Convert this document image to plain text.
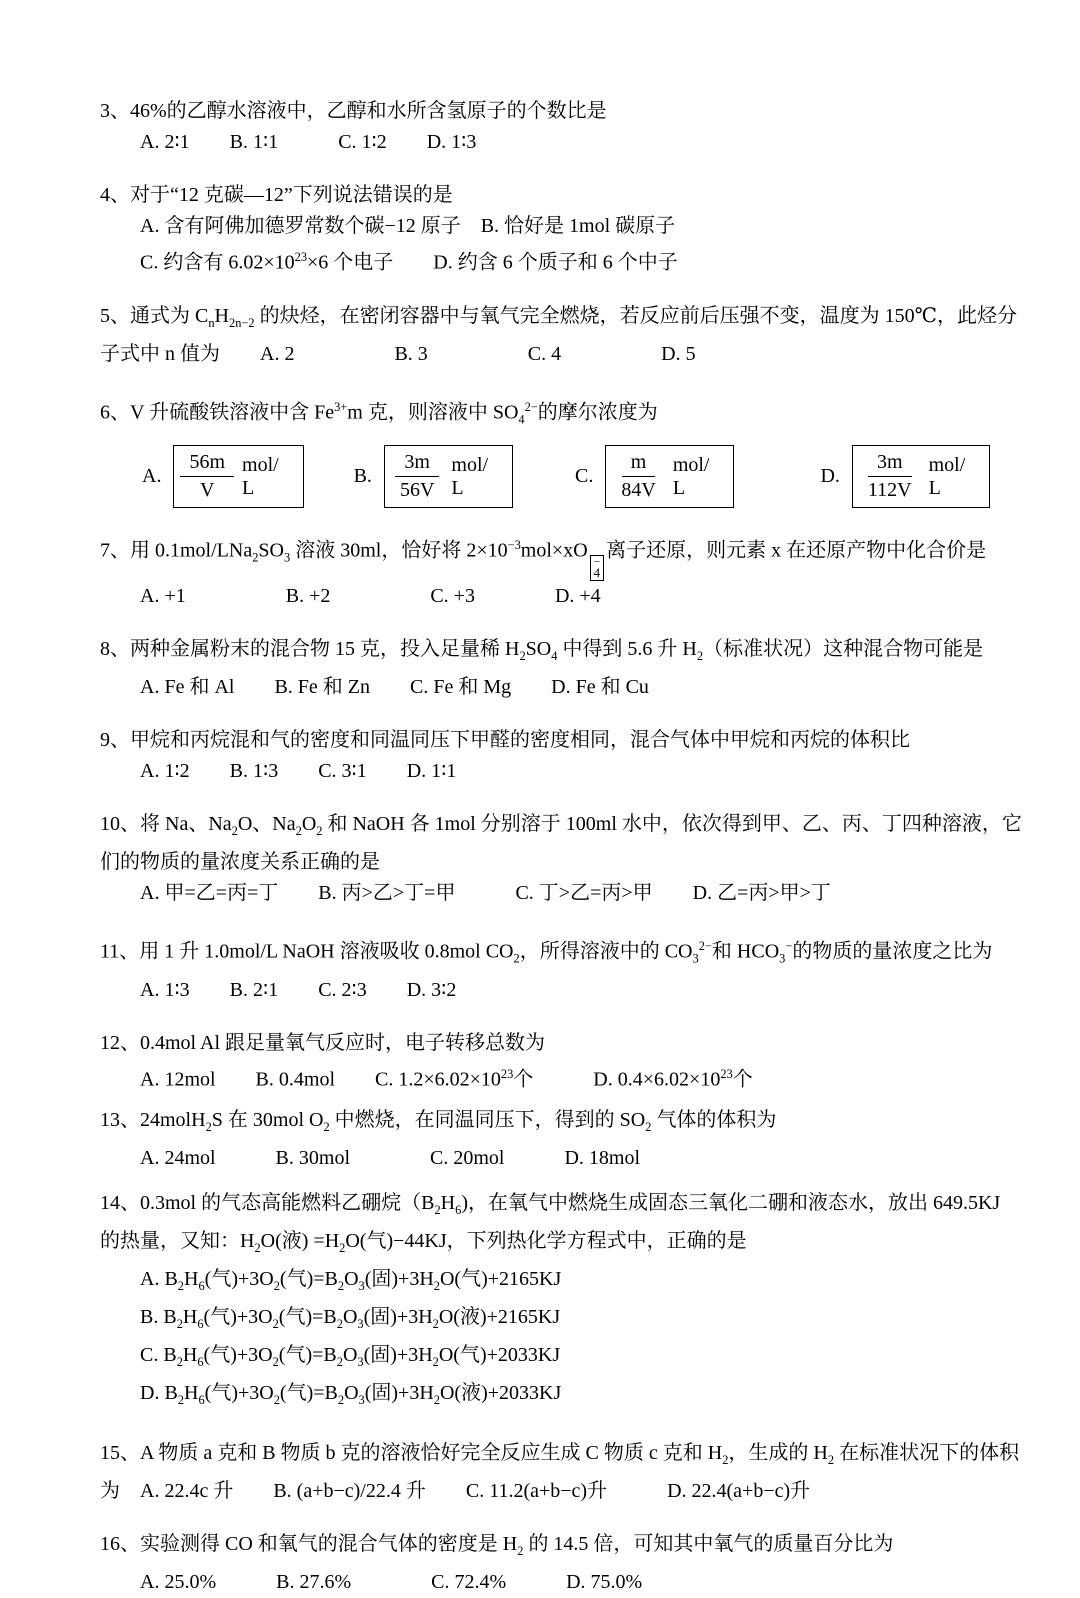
3、46%的乙醇水溶液中，乙醇和水所含氢原子的个数比是
A. 2∶1  B. 1∶1   C. 1∶2  D. 1∶3
4、对于“12 克碳—12”下列说法错误的是
A. 含有阿佛加德罗常数个碳−12 原子 B. 恰好是 1mol 碳原子
C. 约含有 $6.02\times 10^{23}\times 6$ 个电子  D. 约含 6 个质子和 6 个中子
5、通式为 $C_nH_{2n-2}$ 的炔烃，在密闭容器中与氧气完全燃烧，若反应前后压强不变，温度为 150℃，此烃分
子式中 n 值为  A. 2     B. 3     C. 4     D. 5
6、V 升硫酸铁溶液中含 $Fe^{3+}m$ 克，则溶液中 $SO_4^{2-}$的摩尔浓度为
A. $\frac{56m}{V} mol/$ L
B. $\frac{3m}{56V} mol/$ L
C. $\frac{m}{84V} mol/$ L
D. $\frac{3m}{112V} mol/$ L
7、用 $0.1mol/LNa_2SO_3$ 溶液 30ml，恰好将 $2\times 10^{-3}mol\times xO$ −
4
离子还原，则元素 x 在还原产物中化合价是
A. +1     B. +2     C. +3    D. +4
8、两种金属粉末的混合物 15 克，投入足量稀 $H_2SO_4$ 中得到 5.6 升 $H_2$（标准状况）这种混合物可能是
A. Fe 和 Al  B. Fe 和 Zn  C. Fe 和 Mg  D. Fe 和 Cu
9、甲烷和丙烷混和气的密度和同温同压下甲醛的密度相同，混合气体中甲烷和丙烷的体积比
A. 1∶2  B. 1∶3  C. 3∶1  D. 1∶1
10、将 Na、$Na_2O$、$Na_2O_2$ 和 NaOH 各 1mol 分别溶于 100ml 水中，依次得到甲、乙、丙、丁四种溶液，它
们的物质的量浓度关系正确的是
A. 甲=乙=丙=丁  B. 丙>乙>丁=甲   C. 丁>乙=丙>甲  D. 乙=丙>甲>丁
11、用 1 升 1.0mol/L NaOH 溶液吸收 0.8mol $CO_2$，所得溶液中的 $CO_3^{2-}$和 $HCO_3^-$的物质的量浓度之比为
A. 1∶3  B. 2∶1  C. 2∶3  D. 3∶2
12、0.4mol Al 跟足量氧气反应时，电子转移总数为
A. 12mol  B. 0.4mol  C. $1.2\times 6.02\times 10^{23}$个   D. $0.4\times 6.02\times 10^{23}$个
13、24molH$_2$S 在 30mol $O_2$ 中燃烧，在同温同压下，得到的 $SO_2$ 气体的体积为
A. 24mol   B. 30mol    C. 20mol   D. 18mol
14、0.3mol 的气态高能燃料乙硼烷$(B_2H_6)$，在氧气中燃烧生成固态三氧化二硼和液态水，放出 649.5KJ
的热量，又知：$H_2O$(液) $=H_2O$(气)−44KJ，下列热化学方程式中，正确的是
A. $B_2H_6$(气)$+3O_2$(气)$=B_2O_3$(固)$+3H_2O$(气)+2165KJ
B. $B_2H_6$(气)$+3O_2$(气)$=B_2O_3$(固)$+3H_2O$(液)+2165KJ
C. $B_2H_6$(气)$+3O_2$(气)$=B_2O_3$(固)$+3H_2O$(气)+2033KJ
D. $B_2H_6$(气)$+3O_2$(气)$=B_2O_3$(固)$+3H_2O$(液)+2033KJ
15、A 物质 a 克和 B 物质 b 克的溶液恰好完全反应生成 C 物质 c 克和 $H_2$，生成的 $H_2$ 在标准状况下的体积
为 A. 22.4c 升  B. (a+b−c)/22.4 升  C. 11.2(a+b−c)升   D. 22.4(a+b−c)升
16、实验测得 CO 和氧气的混合气体的密度是 $H_2$ 的 14.5 倍，可知其中氧气的质量百分比为
A. 25.0%   B. 27.6%    C. 72.4%   D. 75.0%
